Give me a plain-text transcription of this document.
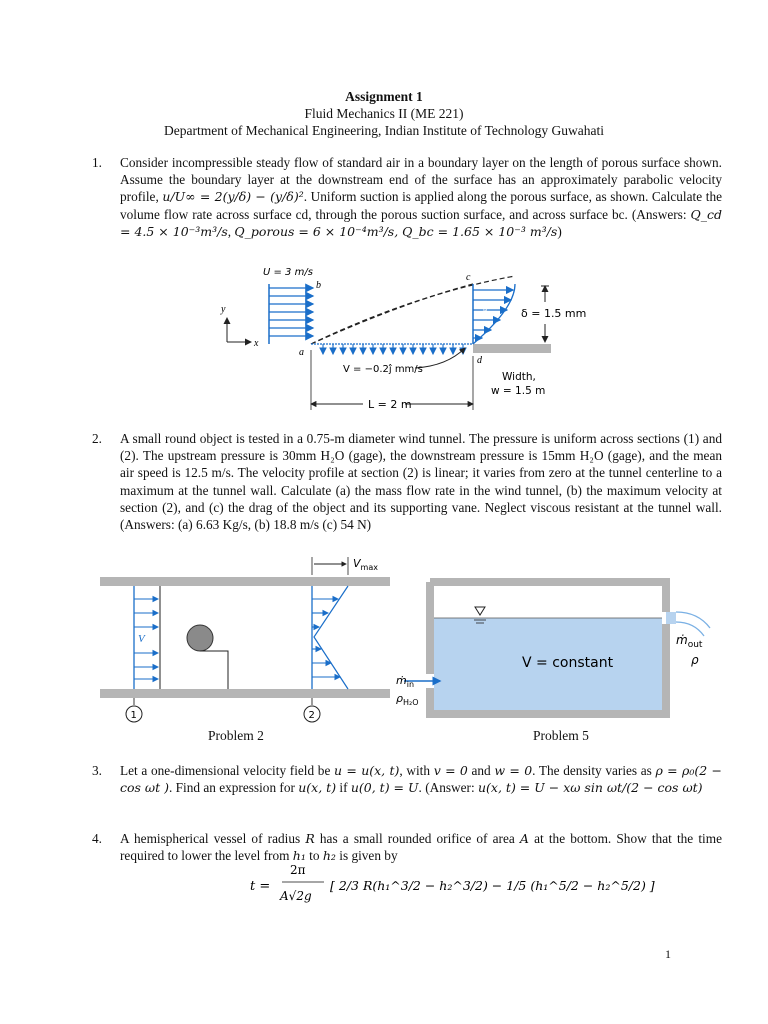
Assignment 1
Fluid Mechanics II (ME 221)
Department of Mechanical Engineering, Indian Institute of Technology Guwahati
1. Consider incompressible steady flow of standard air in a boundary layer on the length of porous surface shown. Assume the boundary layer at the downstream end of the surface has an approximately parabolic velocity profile, u/U∞ = 2(y/δ) − (y/δ)². Uniform suction is applied along the porous surface, as shown. Calculate the volume flow rate across surface cd, through the porous suction surface, and across surface bc. (Answers: Q_cd = 4.5 × 10⁻³m³/s, Q_porous = 6 × 10⁻⁴m³/s, Q_bc = 1.65 × 10⁻³ m³/s)
U = 3 m/s
b
a
y
x
u
c
d
δ = 1.5 mm
V = −0.2ĵ mm/s
Width,
w = 1.5 m
L = 2 m
2. A small round object is tested in a 0.75-m diameter wind tunnel. The pressure is uniform across sections (1) and (2). The upstream pressure is 30mm H₂O (gage), the downstream pressure is 15mm H₂O (gage), and the mean air speed is 12.5 m/s. The velocity profile at section (2) is linear; it varies from zero at the tunnel centerline to a maximum at the tunnel wall. Calculate (a) the mass flow rate in the wind tunnel, (b) the maximum velocity at section (2), and (c) the drag of the object and its supporting vane. Neglect viscous resistant at the tunnel wall. (Answers: (a) 6.63 Kg/s, (b) 18.8 m/s (c) 54 N)
V
1	2
$V_{max}$
Problem 2
ṁ$_{out}$
ρ
V = constant
ṁ$_{in}$
$\rho_{H_2O}$
Problem 5
3. Let a one-dimensional velocity field be u = u(x, t), with v = 0 and w = 0. The density varies as ρ = ρ₀(2 − cos ωt ). Find an expression for u(x, t) if u(0, t) = U. (Answer: u(x, t) = U − xω sin ωt/(2 − cos ωt)
4. A hemispherical vessel of radius R has a small rounded orifice of area A at the bottom. Show that the time required to lower the level from h₁ to h₂ is given by
t =
2π
A√2g
[ 2/3 R(h₁^3/2 − h₂^3/2) − 1/5 (h₁^5/2 − h₂^5/2) ]
1
